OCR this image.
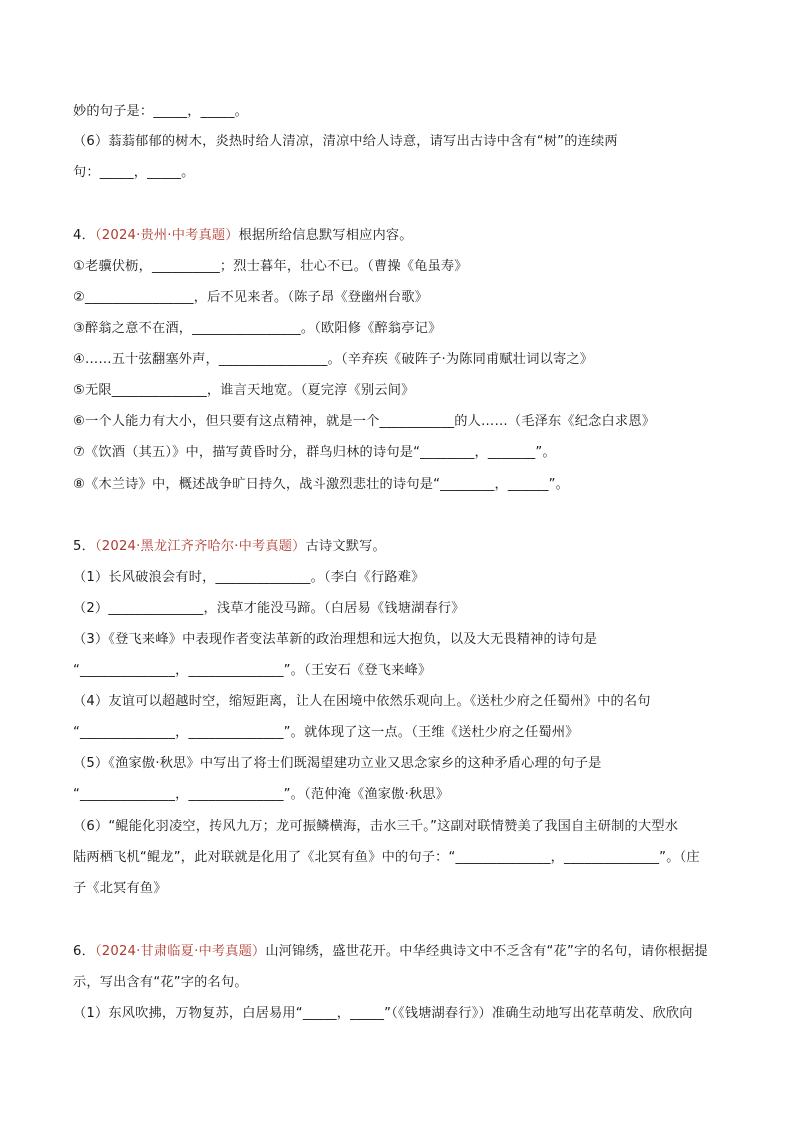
妙的句子是：_____，_____。
（6）蓊蓊郁郁的树木，炎热时给人清凉，清凉中给人诗意，请写出古诗中含有“树”的连续两
句：_____，_____。
4．（2024·贵州·中考真题）根据所给信息默写相应内容。
①老骥伏枥，__________；烈士暮年，壮心不已。（曹操《龟虽寿》
②________________，后不见来者。（陈子昂《登幽州台歌》
③醉翁之意不在酒，________________。（欧阳修《醉翁亭记》
④……五十弦翻塞外声，________________。（辛弃疾《破阵子·为陈同甫赋壮词以寄之》
⑤无限______________，谁言天地宽。（夏完淳《别云间》
⑥一个人能力有大小，但只要有这点精神，就是一个___________的人……（毛泽东《纪念白求恩》
⑦《饮酒（其五）》中，描写黄昏时分，群鸟归林的诗句是“________，_______”。
⑧《木兰诗》中，概述战争旷日持久，战斗激烈悲壮的诗句是“________，______”。
5．（2024·黑龙江齐齐哈尔·中考真题）古诗文默写。
（1）长风破浪会有时，______________。（李白《行路难》
（2）______________，浅草才能没马蹄。（白居易《钱塘湖春行》
（3）《登飞来峰》中表现作者变法革新的政治理想和远大抱负，以及大无畏精神的诗句是
“______________，______________”。（王安石《登飞来峰》
（4）友谊可以超越时空，缩短距离，让人在困境中依然乐观向上。《送杜少府之任蜀州》中的名句
“______________，______________”。就体现了这一点。（王维《送杜少府之任蜀州》
（5）《渔家傲·秋思》中写出了将士们既渴望建功立业又思念家乡的这种矛盾心理的句子是
“______________，______________”。（范仲淹《渔家傲·秋思》
（6）“鲲能化羽凌空，抟风九万；龙可振鳞横海，击水三千。”这副对联情赞美了我国自主研制的大型水
陆两栖飞机“鲲龙”，此对联就是化用了《北冥有鱼》中的句子：“______________，______________”。（庄
子《北冥有鱼》
6．（2024·甘肃临夏·中考真题）山河锦绣，盛世花开。中华经典诗文中不乏含有“花”字的名句，请你根据提
示，写出含有“花”字的名句。
（1）东风吹拂，万物复苏，白居易用“_____，_____”（《钱塘湖春行》）准确生动地写出花草萌发、欣欣向
